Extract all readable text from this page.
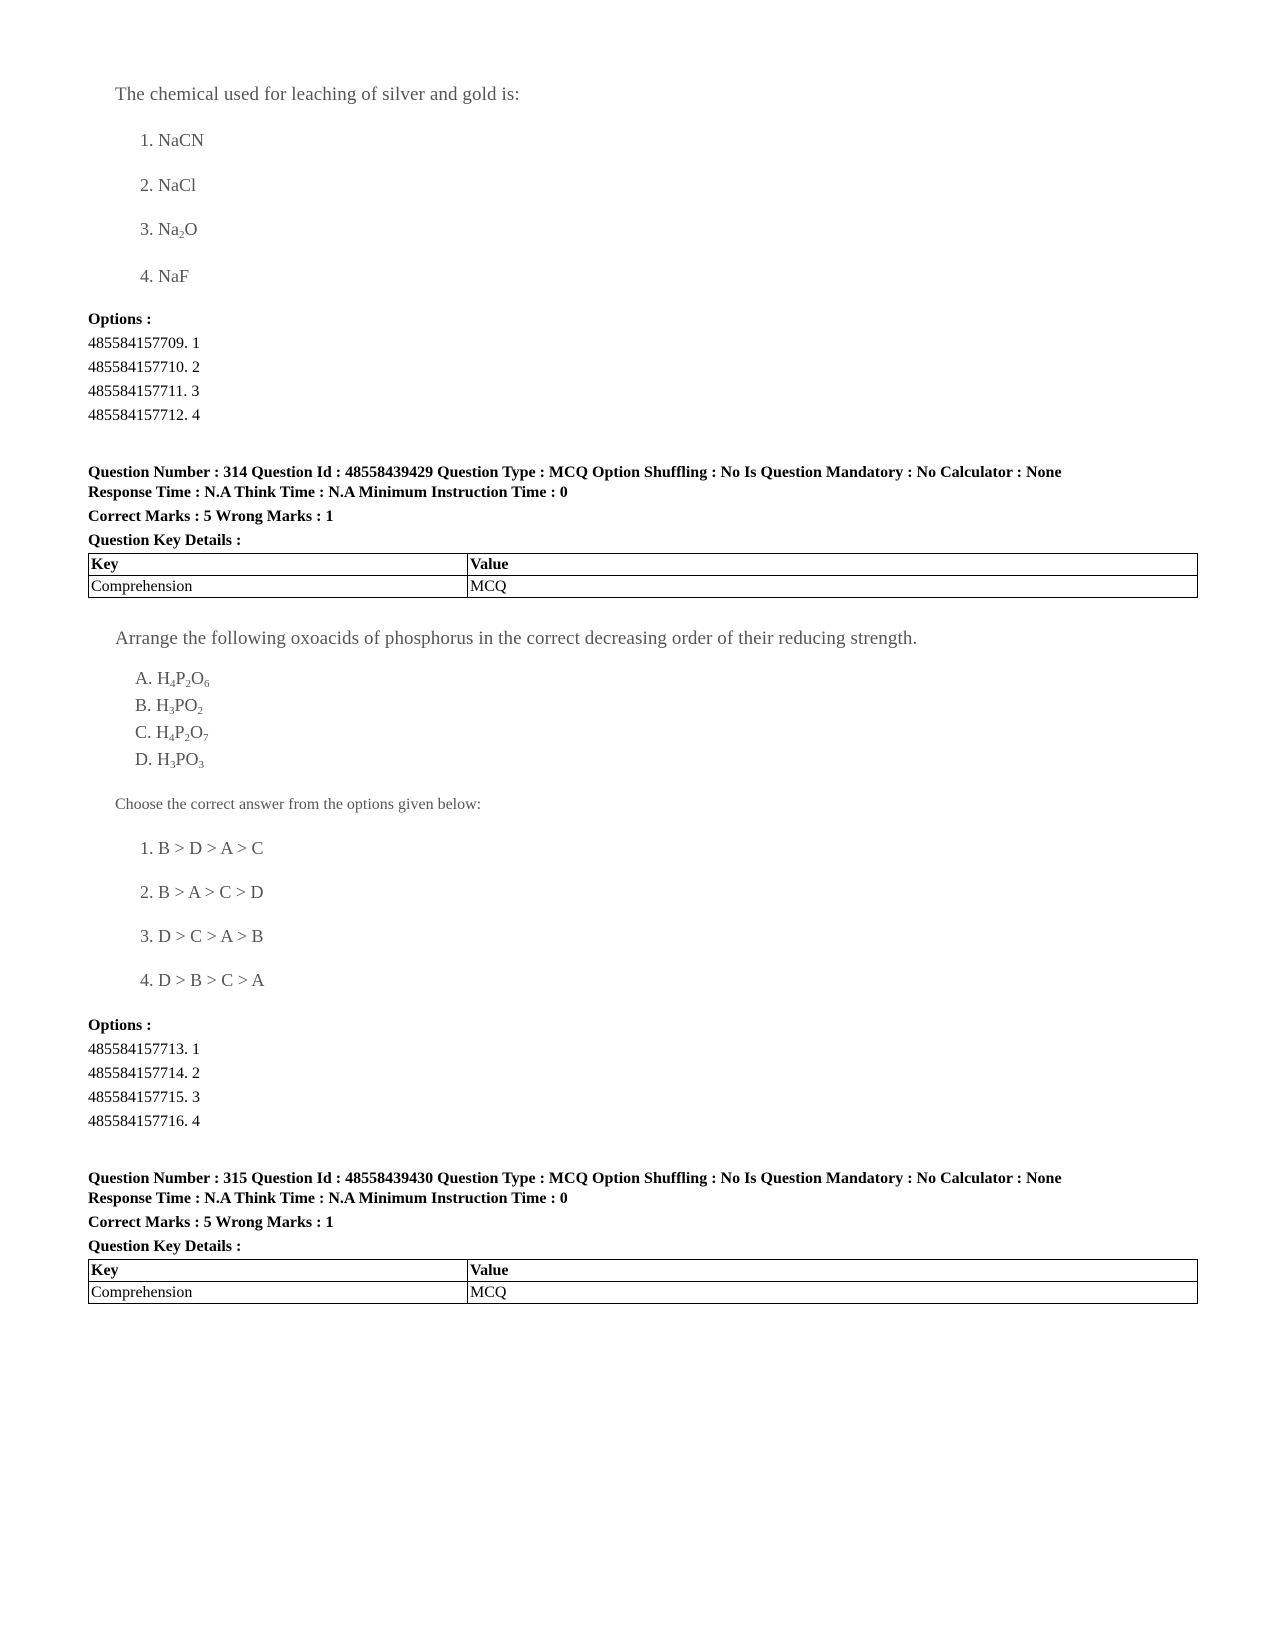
The chemical used for leaching of silver and gold is:
1. NaCN
2. NaCl
3. $Na_2O$
4. NaF
Options :
485584157709. 1
485584157710. 2
485584157711. 3
485584157712. 4
Question Number : 314 Question Id : 48558439429 Question Type : MCQ Option Shuffling : No Is Question Mandatory : No Calculator : None
Response Time : N.A Think Time : N.A Minimum Instruction Time : 0
Correct Marks : 5 Wrong Marks : 1
Question Key Details :
Key	Value
Comprehension	MCQ
Arrange the following oxoacids of phosphorus in the correct decreasing order of their reducing strength.
A. $H_4P_2O_6$
B. $H_3PO_2$
C. $H_4P_2O_7$
D. $H_3PO_3$
Choose the correct answer from the options given below:
1. B > D > A > C
2. B > A > C > D
3. D > C > A > B
4. D > B > C > A
Options :
485584157713. 1
485584157714. 2
485584157715. 3
485584157716. 4
Question Number : 315 Question Id : 48558439430 Question Type : MCQ Option Shuffling : No Is Question Mandatory : No Calculator : None
Response Time : N.A Think Time : N.A Minimum Instruction Time : 0
Correct Marks : 5 Wrong Marks : 1
Question Key Details :
Key	Value
Comprehension	MCQ
